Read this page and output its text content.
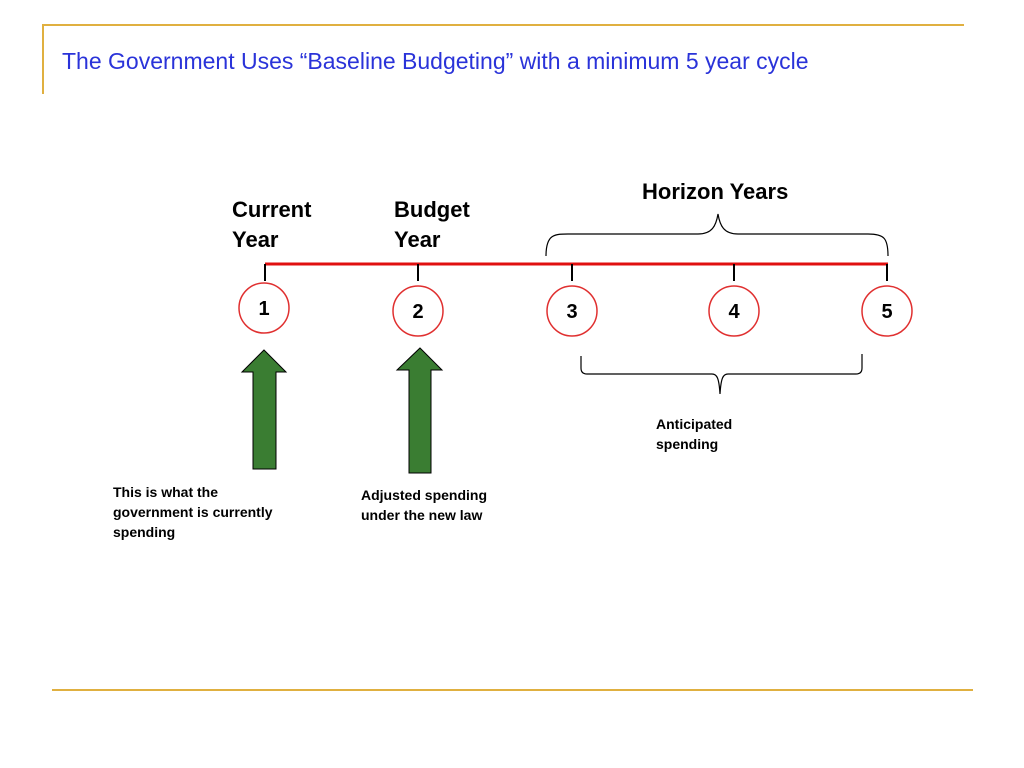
The Government Uses “Baseline Budgeting” with a minimum 5 year cycle
Current
Year
Budget
Year
Horizon Years
1	2	3	4	5
This is what the
government is currently
spending
Adjusted spending
under the new law
Anticipated
spending
